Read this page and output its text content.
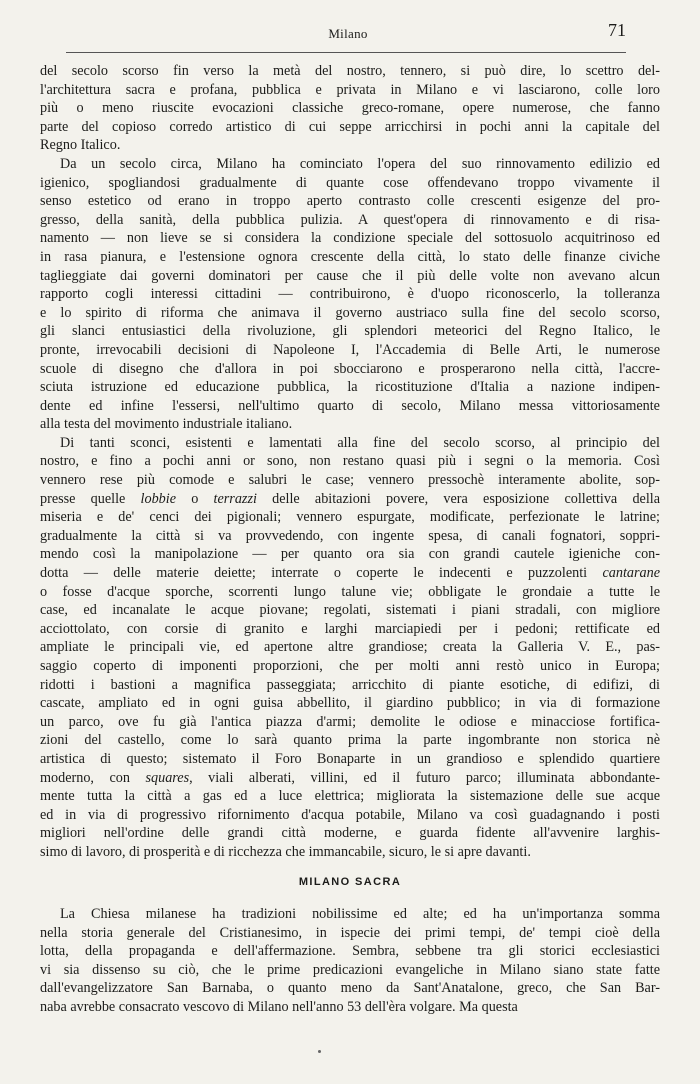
Milano	71

del secolo scorso fin verso la metà del nostro, tennero, si può dire, lo scettro del-
l'architettura sacra e profana, pubblica e privata in Milano e vi lasciarono, colle loro
più o meno riuscite evocazioni classiche greco-romane, opere numerose, che fanno
parte del copioso corredo artistico di cui seppe arricchirsi in pochi anni la capitale del
Regno Italico.

Da un secolo circa, Milano ha cominciato l'opera del suo rinnovamento edilizio ed
igienico, spogliandosi gradualmente di quante cose offendevano troppo vivamente il
senso estetico od erano in troppo aperto contrasto colle crescenti esigenze del pro-
gresso, della sanità, della pubblica pulizia. A quest'opera di rinnovamento e di risa-
namento — non lieve se si considera la condizione speciale del sottosuolo acquitrinoso ed
in rasa pianura, e l'estensione ognora crescente della città, lo stato delle finanze civiche
taglieggiate dai governi dominatori per cause che il più delle volte non avevano alcun
rapporto cogli interessi cittadini — contribuirono, è d'uopo riconoscerlo, la tolleranza
e lo spirito di riforma che animava il governo austriaco sulla fine del secolo scorso,
gli slanci entusiastici della rivoluzione, gli splendori meteorici del Regno Italico, le
pronte, irrevocabili decisioni di Napoleone I, l'Accademia di Belle Arti, le numerose
scuole di disegno che d'allora in poi sbocciarono e prosperarono nella città, l'accre-
sciuta istruzione ed educazione pubblica, la ricostituzione d'Italia a nazione indipen-
dente ed infine l'essersi, nell'ultimo quarto di secolo, Milano messa vittoriosamente
alla testa del movimento industriale italiano.

Di tanti sconci, esistenti e lamentati alla fine del secolo scorso, al principio del
nostro, e fino a pochi anni or sono, non restano quasi più i segni o la memoria. Così
vennero rese più comode e salubri le case; vennero pressochè interamente abolite, sop-
presse quelle lobbie o terrazzi delle abitazioni povere, vera esposizione collettiva della
miseria e de' cenci dei pigionali; vennero espurgate, modificate, perfezionate le latrine;
gradualmente la città si va provvedendo, con ingente spesa, di canali fognatori, soppri-
mendo così la manipolazione — per quanto ora sia con grandi cautele igieniche con-
dotta — delle materie deiette; interrate o coperte le indecenti e puzzolenti cantarane
o fosse d'acque sporche, scorrenti lungo talune vie; obbligate le grondaie a tutte le
case, ed incanalate le acque piovane; regolati, sistemati i piani stradali, con migliore
acciottolato, con corsie di granito e larghi marciapiedi per i pedoni; rettificate ed
ampliate le principali vie, ed apertone altre grandiose; creata la Galleria V. E., pas-
saggio coperto di imponenti proporzioni, che per molti anni restò unico in Europa;
ridotti i bastioni a magnifica passeggiata; arricchito di piante esotiche, di edifizi, di
cascate, ampliato ed in ogni guisa abbellito, il giardino pubblico; in via di formazione
un parco, ove fu già l'antica piazza d'armi; demolite le odiose e minacciose fortifica-
zioni del castello, come lo sarà quanto prima la parte ingombrante non storica nè
artistica di questo; sistemato il Foro Bonaparte in un grandioso e splendido quartiere
moderno, con squares, viali alberati, villini, ed il futuro parco; illuminata abbondante-
mente tutta la città a gas ed a luce elettrica; migliorata la sistemazione delle sue acque
ed in via di progressivo rifornimento d'acqua potabile, Milano va così guadagnando i posti
migliori nell'ordine delle grandi città moderne, e guarda fidente all'avvenire larghis-
simo di lavoro, di prosperità e di ricchezza che immancabile, sicuro, le si apre davanti.

MILANO SACRA

La Chiesa milanese ha tradizioni nobilissime ed alte; ed ha un'importanza somma
nella storia generale del Cristianesimo, in ispecie dei primi tempi, de' tempi cioè della
lotta, della propaganda e dell'affermazione. Sembra, sebbene tra gli storici ecclesiastici
vi sia dissenso su ciò, che le prime predicazioni evangeliche in Milano siano state fatte
dall'evangelizzatore San Barnaba, o quanto meno da Sant'Anatalone, greco, che San Bar-
naba avrebbe consacrato vescovo di Milano nell'anno 53 dell'èra volgare. Ma questa
